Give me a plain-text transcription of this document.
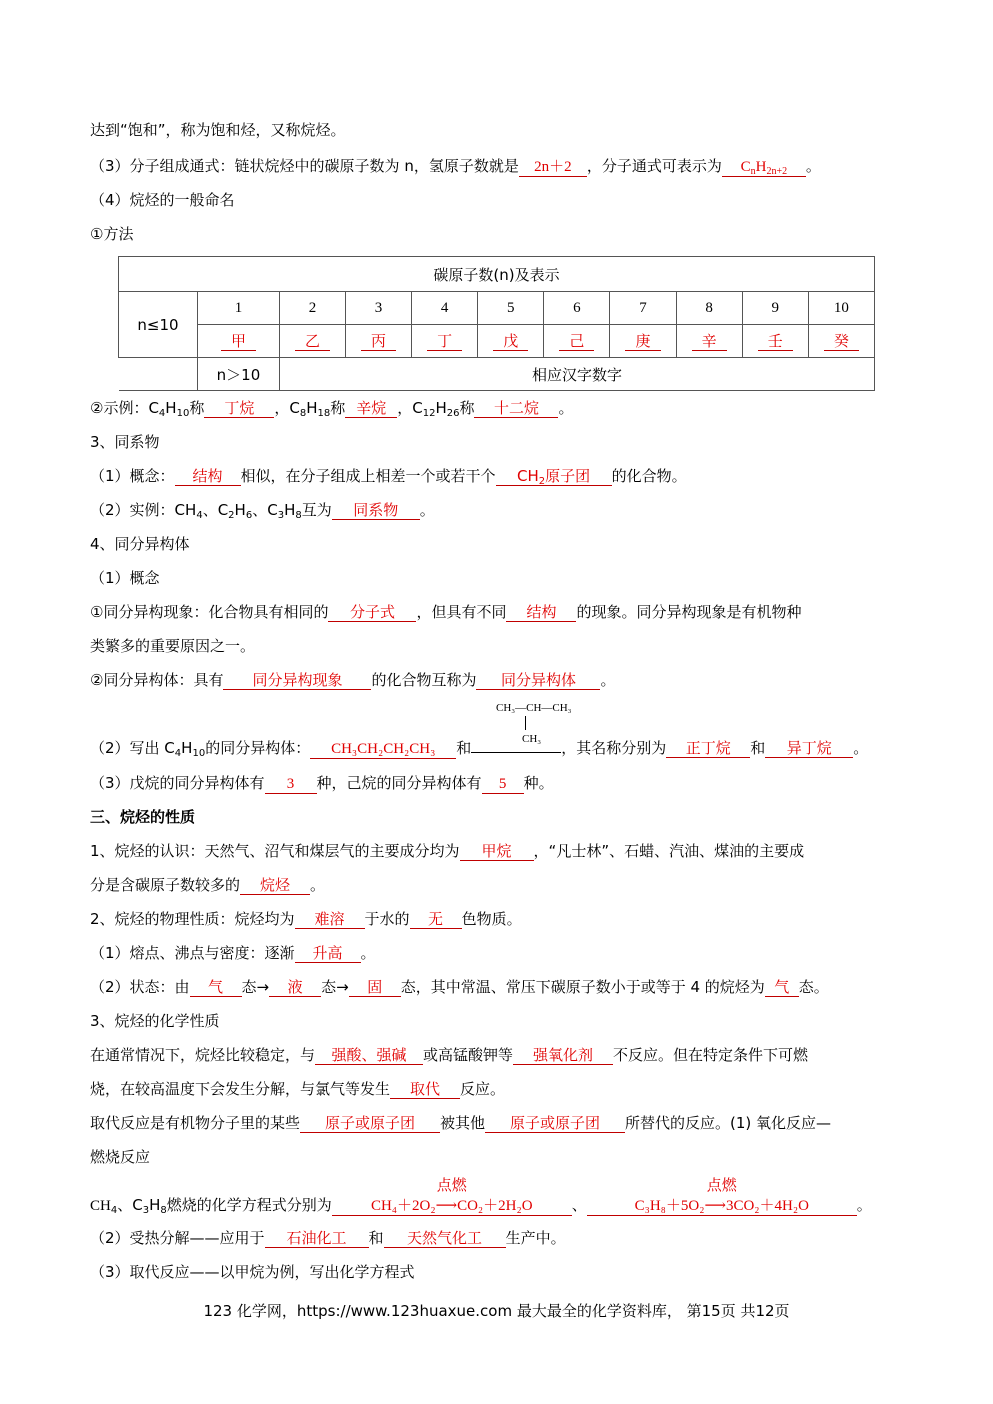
达到“饱和”，称为饱和烃，又称烷烃。
（3）分子组成通式：链状烷烃中的碳原子数为 n，氢原子数就是 2n＋2 ，分子通式可表示为 $C_nH_{2n+2}$ 。
（4）烷烃的一般命名
①方法
碳原子数(n)及表示										
n≤10	1	2	3	4	5	6	7	8	9	10
	甲	乙	丙	丁	戊	己	庚	辛	壬	癸
	n＞10	相应汉字数字								
②示例：$C_4H_{10}$称 丁烷 ，$C_8H_{18}$称 辛烷 ，$C_{12}H_{26}$称 十二烷 。
3、同系物
（1）概念： 结构 相似，在分子组成上相差一个或若干个 $CH_2$原子团 的化合物。
（2）实例：$CH_4$、$C_2H_6$、$C_3H_8$互为 同系物 。
4、同分异构体
（1）概念
①同分异构现象：化合物具有相同的 分子式 ，但具有不同 结构 的现象。同分异构现象是有机物种
类繁多的重要原因之一。
②同分异构体：具有 同分异构现象 的化合物互称为 同分异构体 。
CH₃—CH—CH₃
CH₃
（2）写出 $C_4H_{10}$的同分异构体： CH₃CH₂CH₂CH₃ 和	，其名称分别为 正丁烷 和 异丁烷 。
（3）戊烷的同分异构体有 3 种，己烷的同分异构体有 5 种。
三、烷烃的性质
1、烷烃的认识：天然气、沼气和煤层气的主要成分均为 甲烷 ，“凡士林”、石蜡、汽油、煤油的主要成
分是含碳原子数较多的 烷烃 。
2、烷烃的物理性质：烷烃均为 难溶 于水的 无 色物质。
（1）熔点、沸点与密度：逐渐 升高 。
（2）状态：由 气 态→ 液 态→ 固 态，其中常温、常压下碳原子数小于或等于 4 的烷烃为 气 态。
3、烷烃的化学性质
在通常情况下，烷烃比较稳定，与 强酸、强碱 或高锰酸钾等 强氧化剂 不反应。但在特定条件下可燃
烧，在较高温度下会发生分解，与氯气等发生 取代 反应。
取代反应是有机物分子里的某些 原子或原子团 被其他 原子或原子团 所替代的反应。(1) 氧化反应—
燃烧反应
$CH_4$、$C_3H_8$燃烧的化学方程式分别为
点燃
CH₄＋2O₂⟶CO₂＋2H₂O	、
点燃
C₃H₈＋5O₂⟶3CO₂＋4H₂O	。
（2）受热分解——应用于 石油化工 和 天然气化工 生产中。
（3）取代反应——以甲烷为例，写出化学方程式
123 化学网，https://www.123huaxue.com 最大最全的化学资料库， 第15页 共12页
